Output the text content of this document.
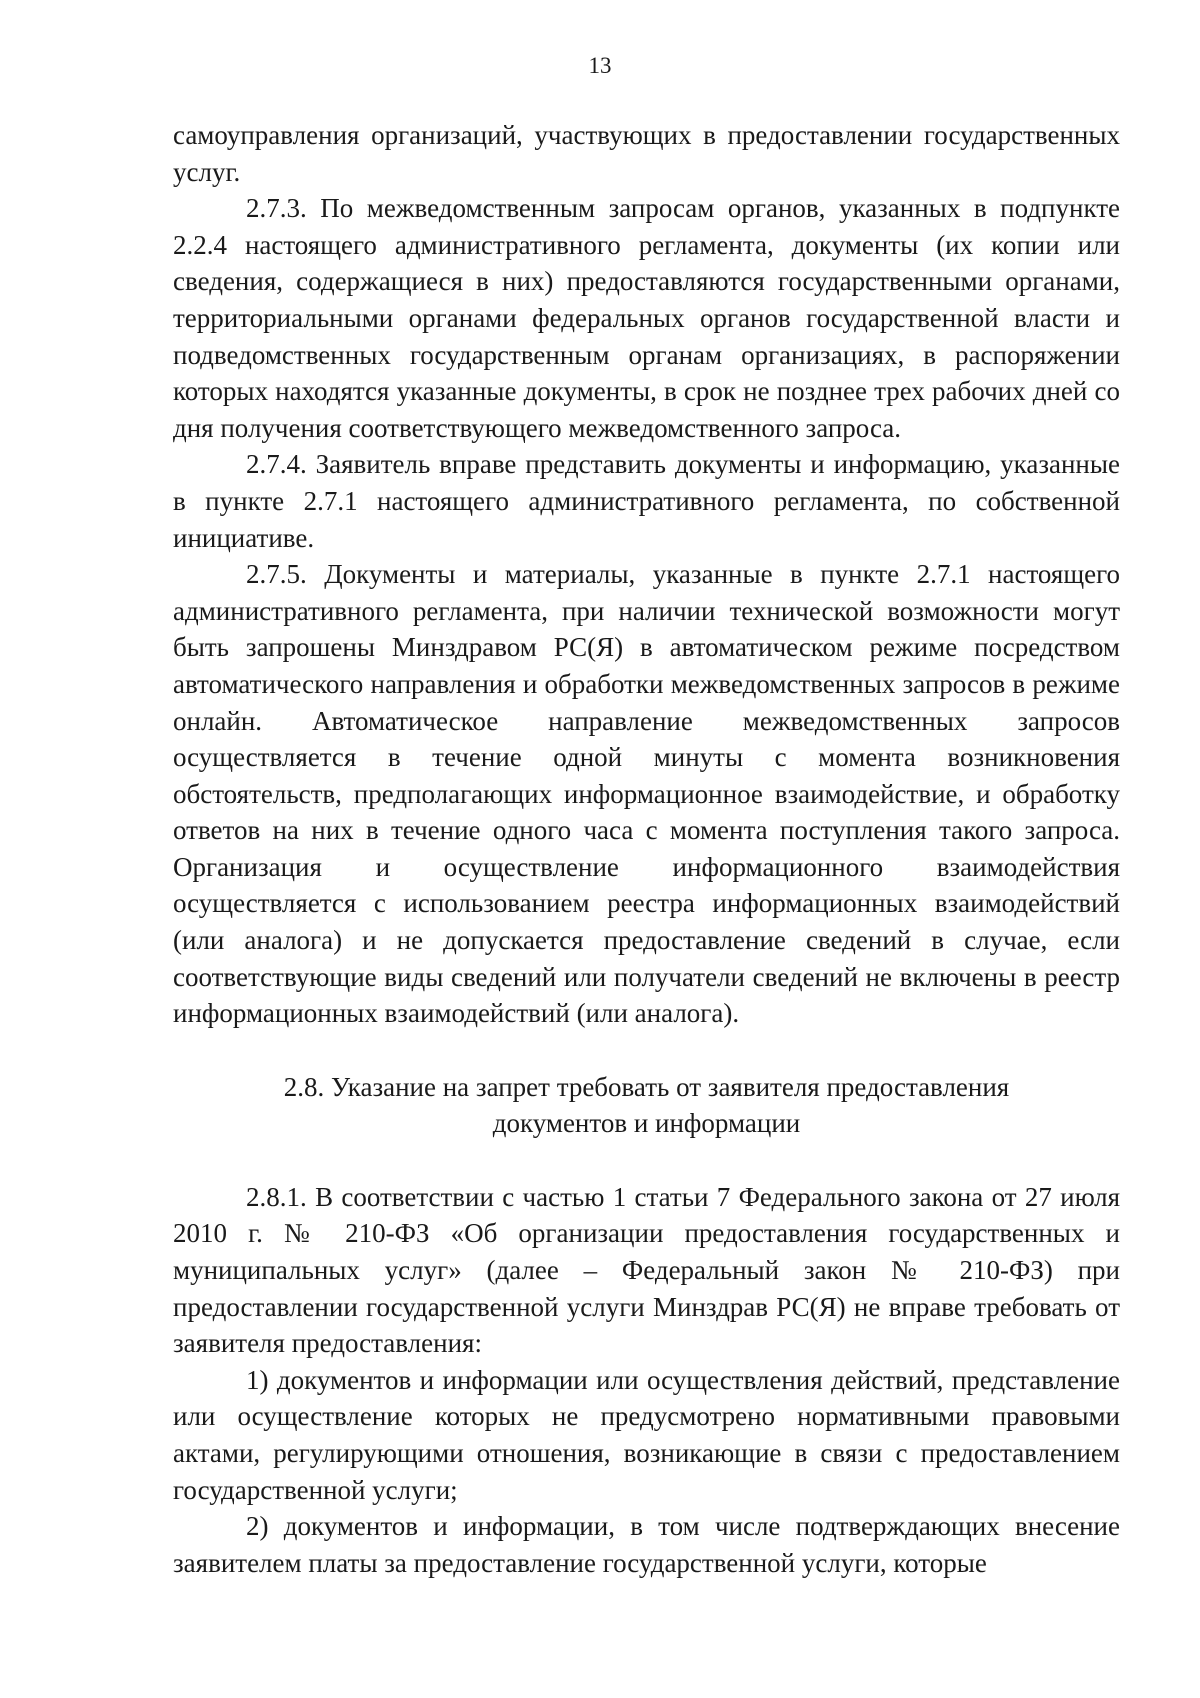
13

самоуправления организаций, участвующих в предоставлении государственных услуг.

2.7.3. По межведомственным запросам органов, указанных в подпункте 2.2.4 настоящего административного регламента, документы (их копии или сведения, содержащиеся в них) предоставляются государственными органами, территориальными органами федеральных органов государственной власти и подведомственных государственным органам организациях, в распоряжении которых находятся указанные документы, в срок не позднее трех рабочих дней со дня получения соответствующего межведомственного запроса.

2.7.4. Заявитель вправе представить документы и информацию, указанные в пункте 2.7.1 настоящего административного регламента, по собственной инициативе.

2.7.5. Документы и материалы, указанные в пункте 2.7.1 настоящего административного регламента, при наличии технической возможности могут быть запрошены Минздравом РС(Я) в автоматическом режиме посредством автоматического направления и обработки межведомственных запросов в режиме онлайн. Автоматическое направление межведомственных запросов осуществляется в течение одной минуты с момента возникновения обстоятельств, предполагающих информационное взаимодействие, и обработку ответов на них в течение одного часа с момента поступления такого запроса. Организация и осуществление информационного взаимодействия осуществляется с использованием реестра информационных взаимодействий (или аналога) и не допускается предоставление сведений в случае, если соответствующие виды сведений или получатели сведений не включены в реестр информационных взаимодействий (или аналога).

2.8. Указание на запрет требовать от заявителя предоставления
документов и информации

2.8.1. В соответствии с частью 1 статьи 7 Федерального закона от 27 июля 2010 г. № 210-ФЗ «Об организации предоставления государственных и муниципальных услуг» (далее – Федеральный закон № 210-ФЗ) при предоставлении государственной услуги Минздрав РС(Я) не вправе требовать от заявителя предоставления:

1) документов и информации или осуществления действий, представление или осуществление которых не предусмотрено нормативными правовыми актами, регулирующими отношения, возникающие в связи с предоставлением государственной услуги;

2) документов и информации, в том числе подтверждающих внесение заявителем платы за предоставление государственной услуги, которые
